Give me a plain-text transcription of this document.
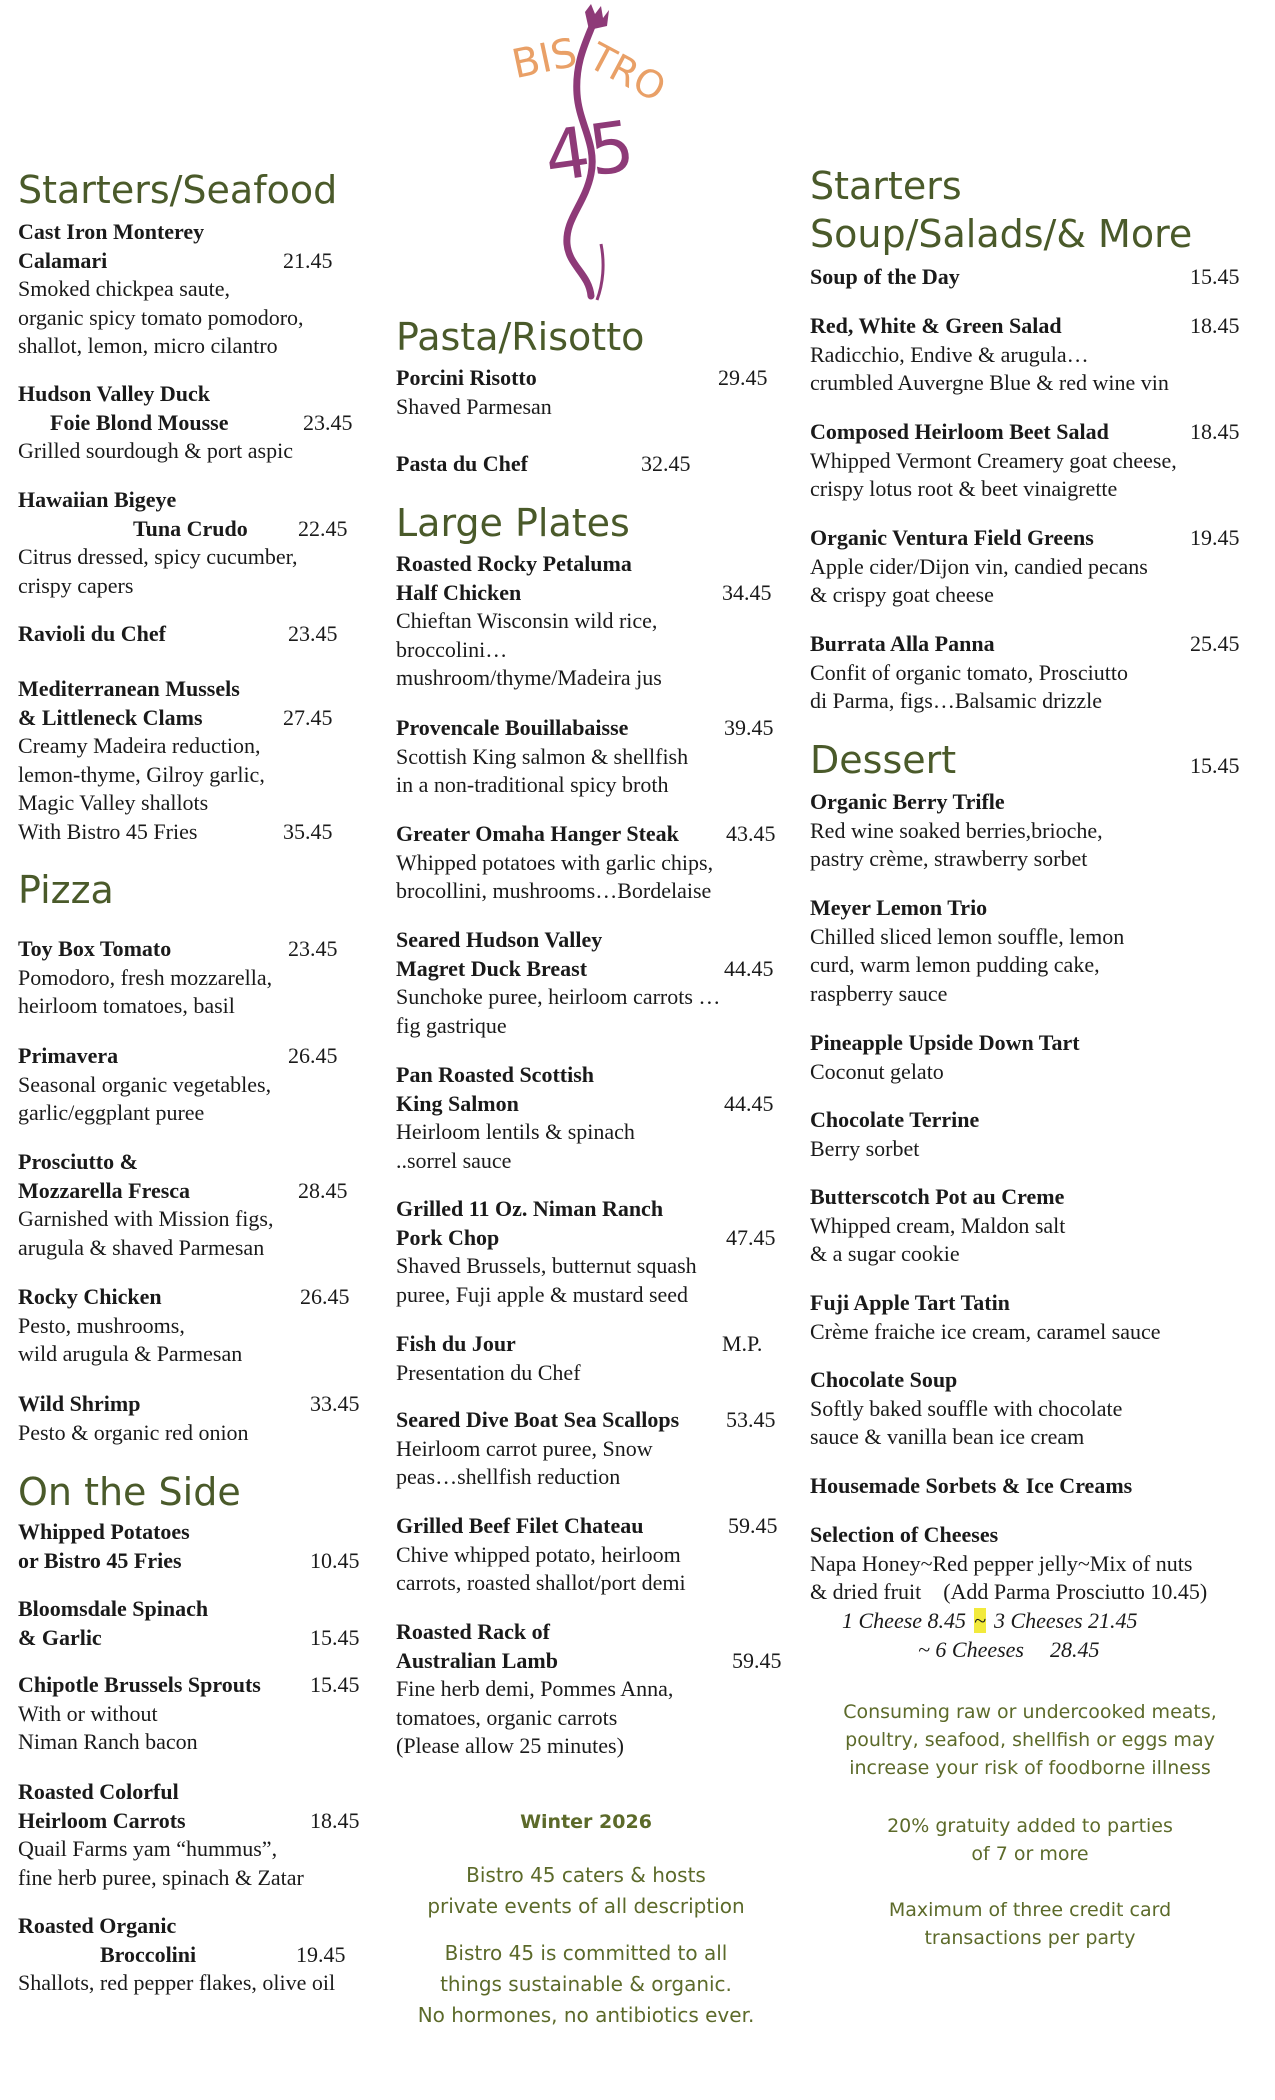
BIS TRO
45
Starters/Seafood
Cast Iron Monterey
Calamari	21.45
Smoked chickpea saute,
organic spicy tomato pomodoro,
shallot, lemon, micro cilantro
Hudson Valley Duck
Foie Blond Mousse	23.45
Grilled sourdough & port aspic
Hawaiian Bigeye
Tuna Crudo 22.45
Citrus dressed, spicy cucumber,
crispy capers
Ravioli du Chef	23.45
Mediterranean Mussels
& Littleneck Clams	27.45
Creamy Madeira reduction,
lemon-thyme, Gilroy garlic,
Magic Valley shallots
With Bistro 45 Fries	35.45
Pizza
Toy Box Tomato	23.45
Pomodoro, fresh mozzarella,
heirloom tomatoes, basil
Primavera	26.45
Seasonal organic vegetables,
garlic/eggplant puree
Prosciutto &
Mozzarella Fresca	28.45
Garnished with Mission figs,
arugula & shaved Parmesan
Rocky Chicken	26.45
Pesto, mushrooms,
wild arugula & Parmesan
Wild Shrimp	33.45
Pesto & organic red onion
On the Side
Whipped Potatoes
or Bistro 45 Fries	10.45
Bloomsdale Spinach
& Garlic	15.45
Chipotle Brussels Sprouts 15.45
With or without
Niman Ranch bacon
Roasted Colorful
Heirloom Carrots	18.45
Quail Farms yam “hummus”,
fine herb puree, spinach & Zatar
Roasted Organic
Broccolini	19.45
Shallots, red pepper flakes, olive oil
Pasta/Risotto
Porcini Risotto	29.45
Shaved Parmesan
Pasta du Chef	32.45
Large Plates
Roasted Rocky Petaluma
Half Chicken	34.45
Chieftan Wisconsin wild rice,
broccolini…
mushroom/thyme/Madeira jus
Provencale Bouillabaisse	39.45
Scottish King salmon & shellfish
in a non-traditional spicy broth
Greater Omaha Hanger Steak 43.45
Whipped potatoes with garlic chips,
brocollini, mushrooms…Bordelaise
Seared Hudson Valley
Magret Duck Breast	44.45
Sunchoke puree, heirloom carrots …
fig gastrique
Pan Roasted Scottish
King Salmon	44.45
Heirloom lentils & spinach
..sorrel sauce
Grilled 11 Oz. Niman Ranch
Pork Chop	47.45
Shaved Brussels, butternut squash
puree, Fuji apple & mustard seed
Fish du Jour	M.P.
Presentation du Chef
Seared Dive Boat Sea Scallops 53.45
Heirloom carrot puree, Snow
peas…shellfish reduction
Grilled Beef Filet Chateau	59.45
Chive whipped potato, heirloom
carrots, roasted shallot/port demi
Roasted Rack of
Australian Lamb	59.45
Fine herb demi, Pommes Anna,
tomatoes, organic carrots
(Please allow 25 minutes)
Winter 2026
Bistro 45 caters & hosts
private events of all description
Bistro 45 is committed to all
things sustainable & organic.
No hormones, no antibiotics ever.
Starters
Soup/Salads/& More
Soup of the Day	15.45
Red, White & Green Salad	18.45
Radicchio, Endive & arugula…
crumbled Auvergne Blue & red wine vin
Composed Heirloom Beet Salad	18.45
Whipped Vermont Creamery goat cheese,
crispy lotus root & beet vinaigrette
Organic Ventura Field Greens	19.45
Apple cider/Dijon vin, candied pecans
& crispy goat cheese
Burrata Alla Panna	25.45
Confit of organic tomato, Prosciutto
di Parma, figs…Balsamic drizzle
Dessert	15.45
Organic Berry Trifle
Red wine soaked berries,brioche,
pastry crème, strawberry sorbet
Meyer Lemon Trio
Chilled sliced lemon souffle, lemon
curd, warm lemon pudding cake,
raspberry sauce
Pineapple Upside Down Tart
Coconut gelato
Chocolate Terrine
Berry sorbet
Butterscotch Pot au Creme
Whipped cream, Maldon salt
& a sugar cookie
Fuji Apple Tart Tatin
Crème fraiche ice cream, caramel sauce
Chocolate Soup
Softly baked souffle with chocolate
sauce & vanilla bean ice cream
Housemade Sorbets & Ice Creams
Selection of Cheeses
Napa Honey~Red pepper jelly~Mix of nuts
& dried fruit (Add Parma Prosciutto 10.45)
1 Cheese 8.45 ~ 3 Cheeses 21.45
~ 6 Cheeses 28.45
Consuming raw or undercooked meats,
poultry, seafood, shellfish or eggs may
increase your risk of foodborne illness
20% gratuity added to parties
of 7 or more
Maximum of three credit card
transactions per party
